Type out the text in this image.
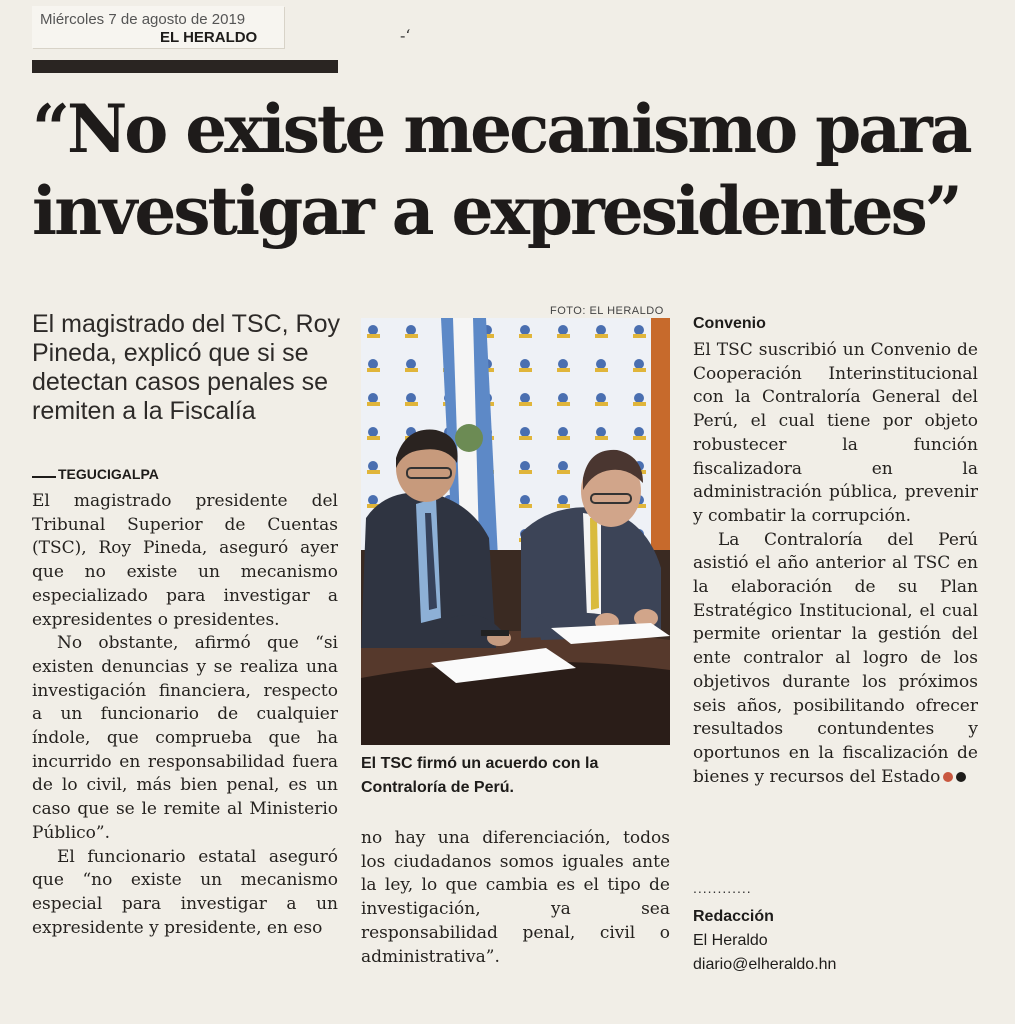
Miércoles 7 de agosto de 2019
EL HERALDO	-‘
“No existe mecanismo para investigar a expresidentes”
El magistrado del TSC, Roy Pineda, explicó que si se detectan casos penales se remiten a la Fiscalía
TEGUCIGALPA

El magistrado presidente del Tribunal Superior de Cuentas (TSC), Roy Pineda, aseguró ayer que no existe un mecanismo especializado para investigar a expresidentes o presidentes.

No obstante, afirmó que “si existen denuncias y se realiza una investigación financiera, respecto a un funcionario de cualquier índole, que comprueba que ha incurrido en responsabilidad fuera de lo civil, más bien penal, es un caso que se le remite al Ministerio Público”.

El funcionario estatal aseguró que “no existe un mecanismo especial para investigar a un expresidente y presidente, en eso

FOTO: EL HERALDO
El TSC firmó un acuerdo con la Contraloría de Perú.

no hay una diferenciación, todos los ciudadanos somos iguales ante la ley, lo que cambia es el tipo de investigación, ya sea responsabilidad penal, civil o administrativa”.

Convenio

El TSC suscribió un Convenio de Cooperación Interinstitucional con la Contraloría General del Perú, el cual tiene por objeto robustecer la función fiscalizadora en la administración pública, prevenir y combatir la corrupción.

La Contraloría del Perú asistió el año anterior al TSC en la elaboración de su Plan Estratégico Institucional, el cual permite orientar la gestión del ente contralor al logro de los objetivos durante los próximos seis años, posibilitando ofrecer resultados contundentes y oportunos en la fiscalización de bienes y recursos del Estado

............
Redacción
El Heraldo
diario@elheraldo.hn
